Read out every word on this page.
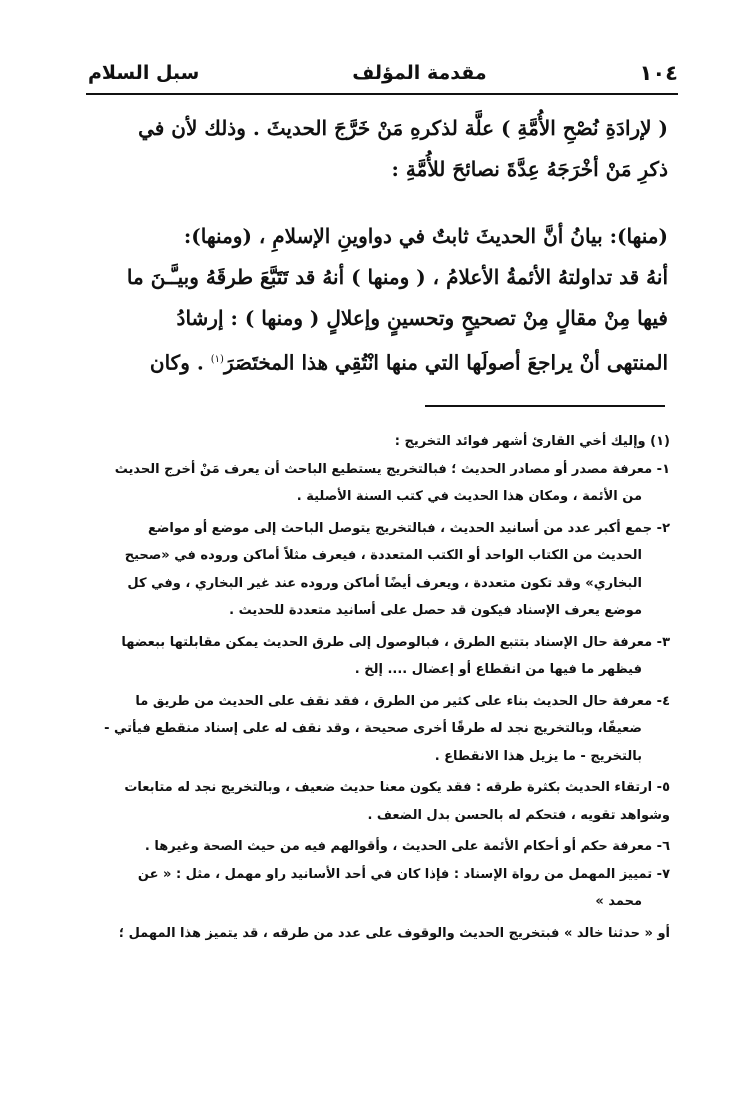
سبل السلام	مقدمة المؤلف	١٠٤

( لإرادَةِ نُصْحِ الأُمَّةِ ) علَّة لذكرهِ مَنْ خَرَّجَ الحديثَ . وذلك لأن في

ذكرِ مَنْ أخْرَجَهُ عِدَّةَ نصائحَ للأُمَّةِ :

(منها): بيانُ أنَّ الحديثَ ثابتٌ في دواوينِ الإسلامِ ، (ومنها):

أنهُ قد تداولتهُ الأئمةُ الأعلامُ ، ( ومنها ) أنهُ قد تَتَبَّعَ طرقَهُ وبيـَّـنَ ما

فيها مِنْ مقالٍ مِنْ تصحيحٍ وتحسينٍ وإعلالٍ ( ومنها ) : إرشادُ

المنتهى أنْ يراجعَ أصولَها التي منها انْتُقِي هذا المختَصَرَ$^{(١)}$ . وكان

(١) وإليك أخي القارئ أشهر فوائد التخريج :

١- معرفة مصدر أو مصادر الحديث ؛ فبالتخريج يستطيع الباحث أن يعرف مَنْ أخرج الحديث

من الأئمة ، ومكان هذا الحديث في كتب السنة الأصلية .

٢- جمع أكبر عدد من أسانيد الحديث ، فبالتخريج يتوصل الباحث إلى موضع أو مواضع

الحديث من الكتاب الواحد أو الكتب المتعددة ، فيعرف مثلاً أماكن وروده في «صحيح

البخاري» وقد تكون متعددة ، ويعرف أيضًا أماكن وروده عند غير البخاري ، وفي كل

موضع يعرف الإسناد فيكون قد حصل على أسانيد متعددة للحديث .

٣- معرفة حال الإسناد بتتبع الطرق ، فبالوصول إلى طرق الحديث يمكن مقابلتها ببعضها

فيظهر ما فيها من انقطاع أو إعضال .... إلخ .

٤- معرفة حال الحديث بناء على كثير من الطرق ، فقد نقف على الحديث من طريق ما

ضعيفًا، وبالتخريج نجد له طرقًا أخرى صحيحة ، وقد نقف له على إسناد منقطع فيأتي -

بالتخريج - ما يزيل هذا الانقطاع .

٥- ارتقاء الحديث بكثرة طرقه : فقد يكون معنا حديث ضعيف ، وبالتخريج نجد له متابعات

وشواهد تقويه ، فتحكم له بالحسن بدل الضعف .

٦- معرفة حكم أو أحكام الأئمة على الحديث ، وأقوالهم فيه من حيث الصحة وغيرها .

٧- تمييز المهمل من رواة الإسناد : فإذا كان في أحد الأسانيد راو مهمل ، مثل : « عن

محمد »

أو « حدثنا خالد » فبتخريج الحديث والوقوف على عدد من طرقه ، قد يتميز هذا المهمل ؛
